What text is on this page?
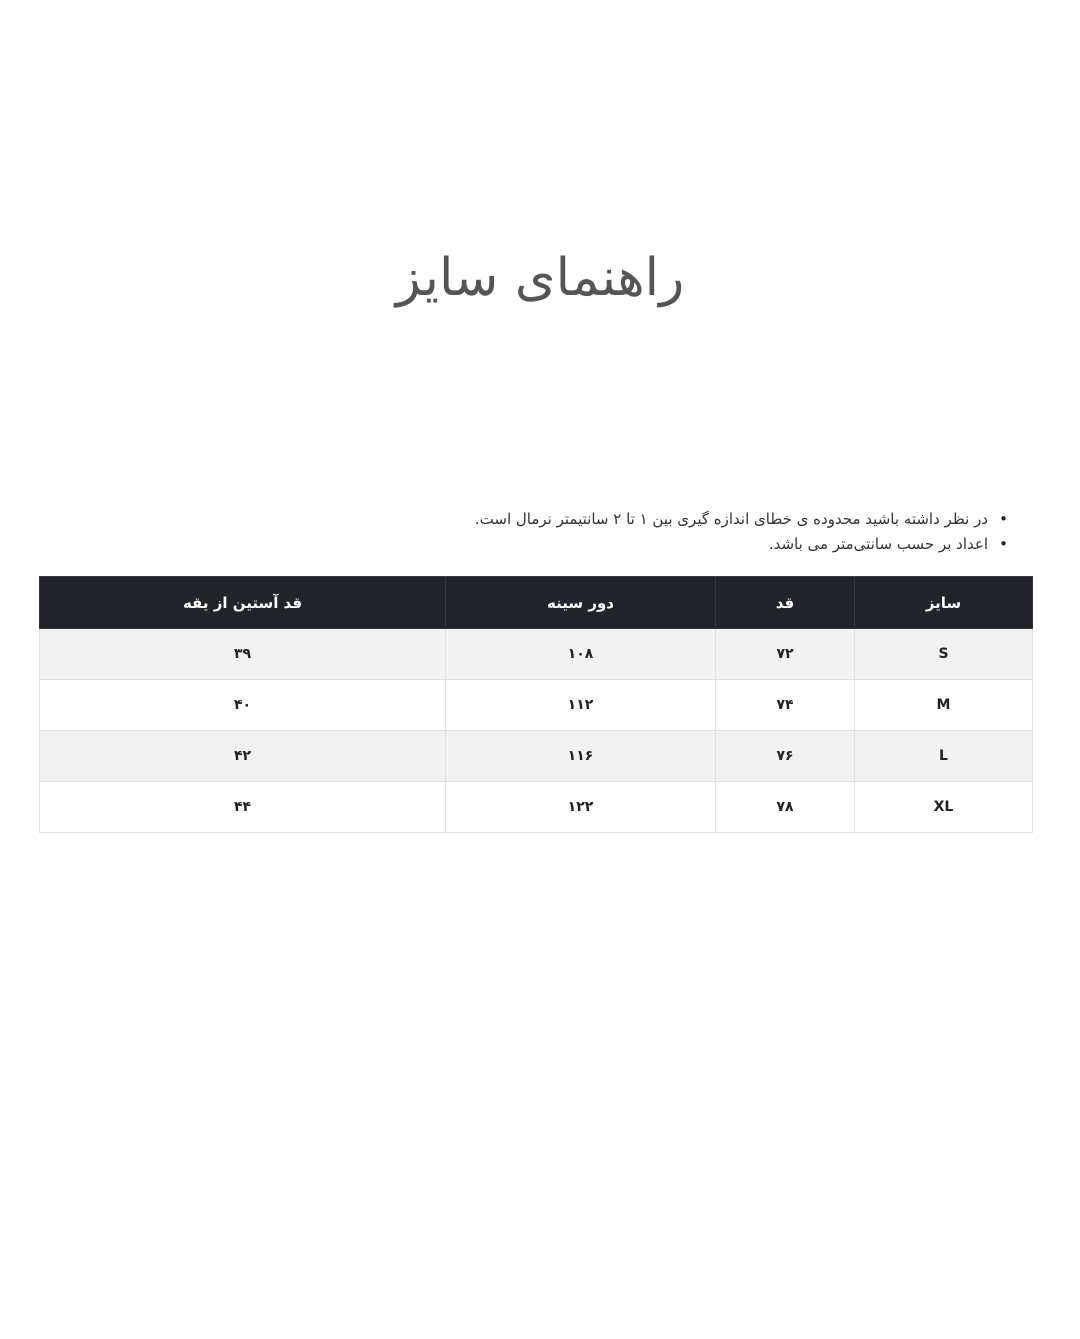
راهنمای سایز
•
در نظر داشته باشید محدوده ی خطای اندازه گیری بین ۱ تا ۲ سانتیمتر نرمال است.
•
اعداد بر حسب سانتی‌متر می باشد.
سایز	قد	دور سینه	قد آستین از یقه
S	۷۲	۱۰۸	۳۹
M	۷۴	۱۱۲	۴۰
L	۷۶	۱۱۶	۴۲
XL	۷۸	۱۲۲	۴۴
